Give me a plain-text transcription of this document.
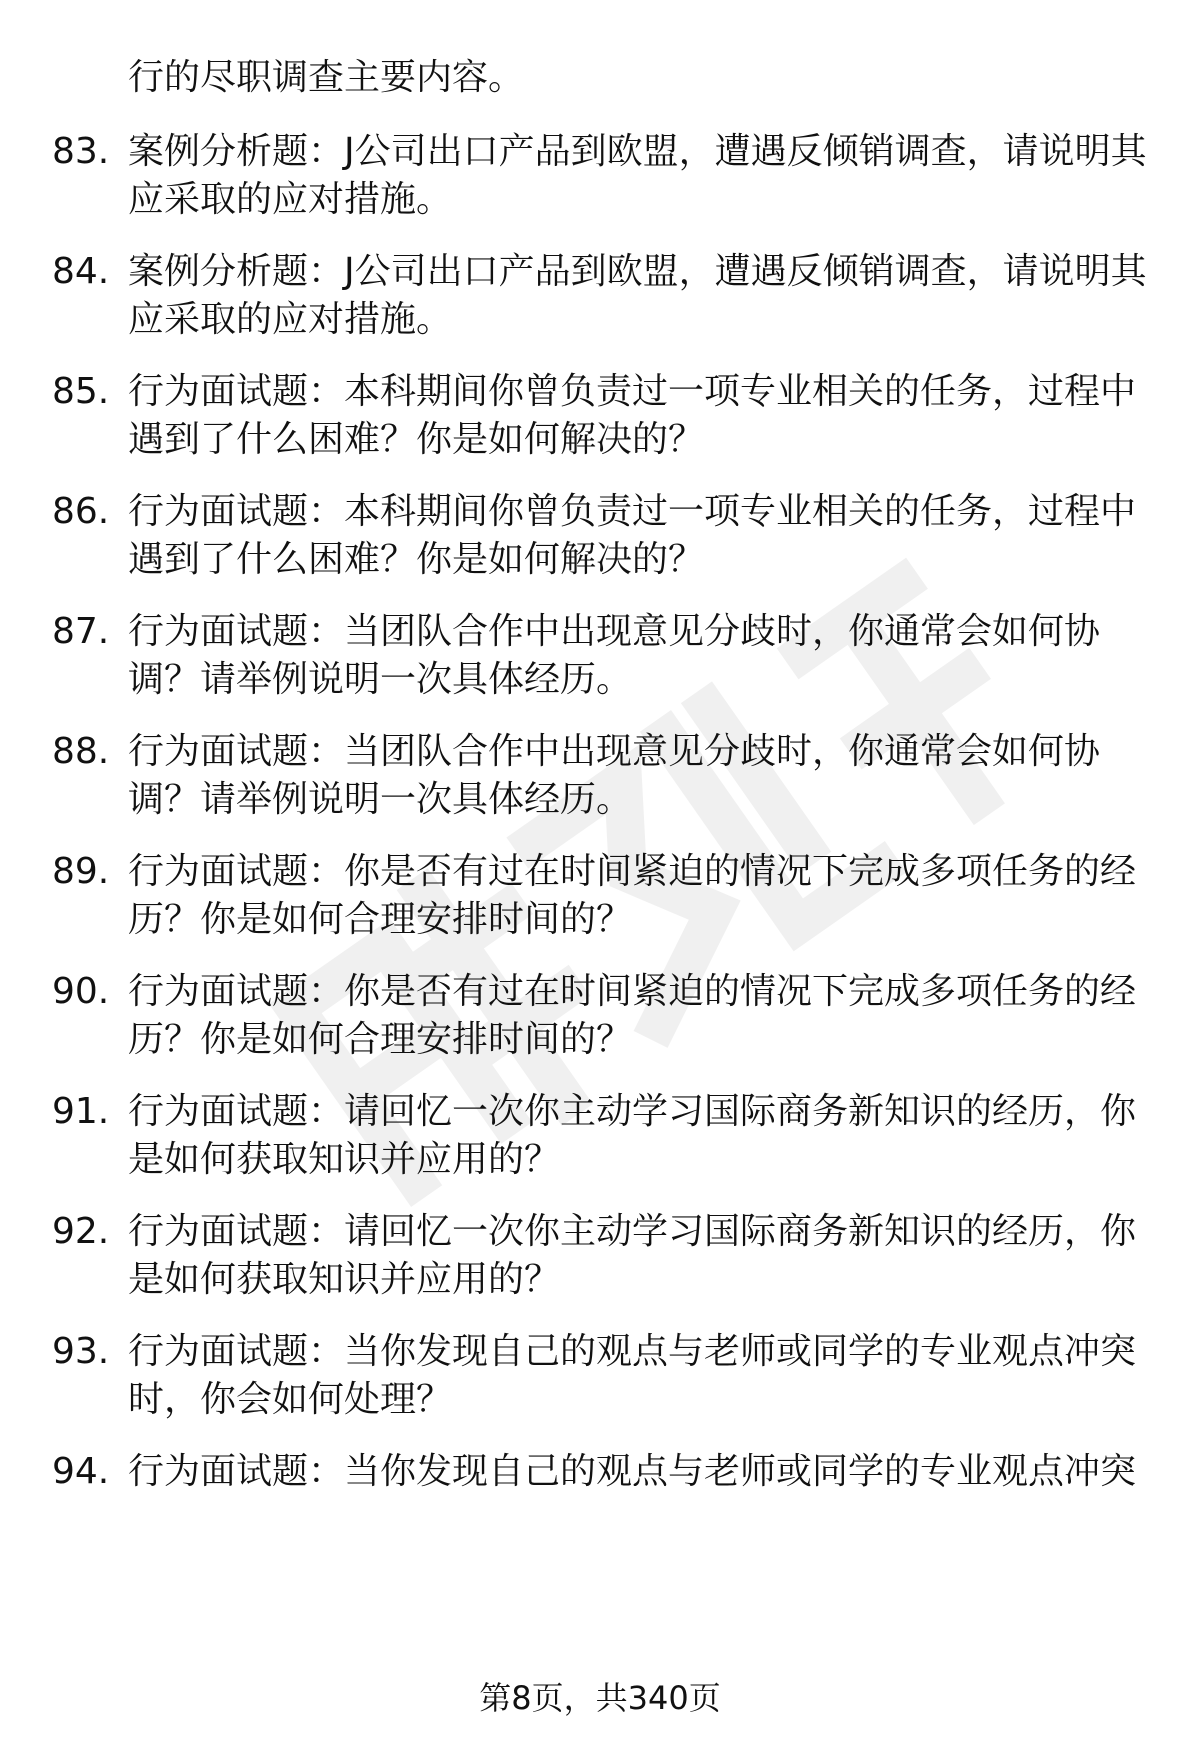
行的尽职调查主要内容。
83. 案例分析题：J公司出口产品到欧盟，遭遇反倾销调查，请说明其
应采取的应对措施。
84. 案例分析题：J公司出口产品到欧盟，遭遇反倾销调查，请说明其
应采取的应对措施。
85. 行为面试题：本科期间你曾负责过一项专业相关的任务，过程中
遇到了什么困难？你是如何解决的？
86. 行为面试题：本科期间你曾负责过一项专业相关的任务，过程中
遇到了什么困难？你是如何解决的？
87. 行为面试题：当团队合作中出现意见分歧时，你通常会如何协
调？请举例说明一次具体经历。
88. 行为面试题：当团队合作中出现意见分歧时，你通常会如何协
调？请举例说明一次具体经历。
89. 行为面试题：你是否有过在时间紧迫的情况下完成多项任务的经
历？你是如何合理安排时间的？
90. 行为面试题：你是否有过在时间紧迫的情况下完成多项任务的经
历？你是如何合理安排时间的？
91. 行为面试题：请回忆一次你主动学习国际商务新知识的经历，你
是如何获取知识并应用的？
92. 行为面试题：请回忆一次你主动学习国际商务新知识的经历，你
是如何获取知识并应用的？
93. 行为面试题：当你发现自己的观点与老师或同学的专业观点冲突
时，你会如何处理？
94. 行为面试题：当你发现自己的观点与老师或同学的专业观点冲突
第8页，共340页
